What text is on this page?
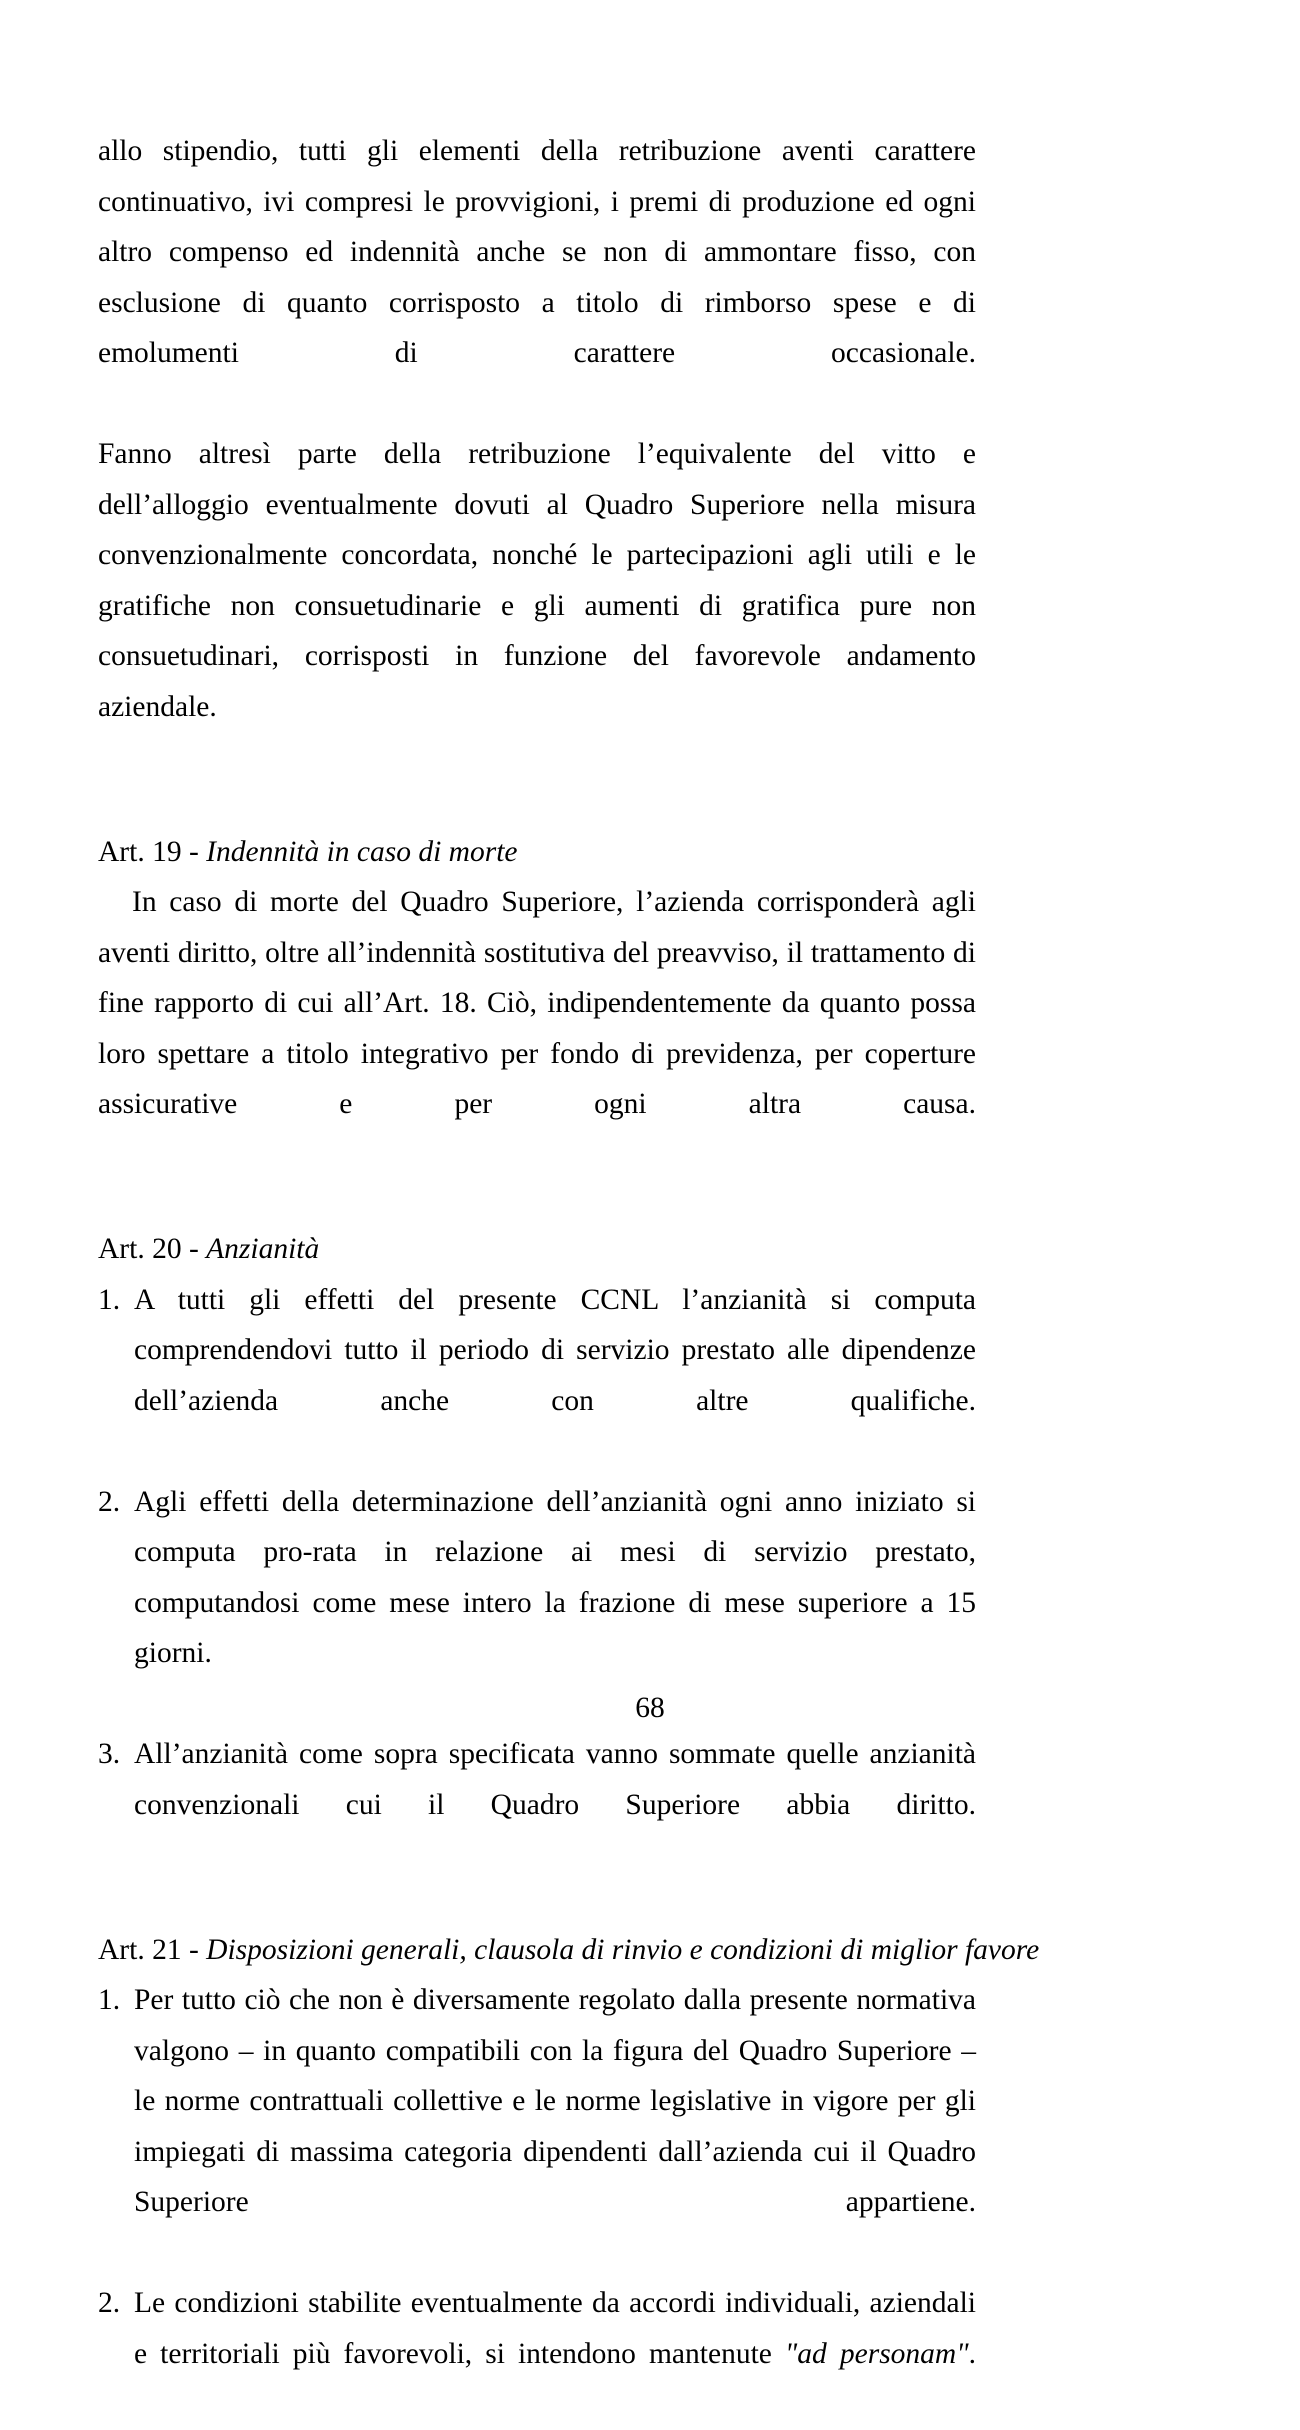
allo stipendio, tutti gli elementi della retribuzione aventi carattere continuativo, ivi compresi le provvigioni, i premi di produzione ed ogni altro compenso ed indennità anche se non di ammontare fisso, con esclusione di quanto corrisposto a titolo di rimborso spese e di emolumenti di carattere occasionale.

Fanno altresì parte della retribuzione l’equivalente del vitto e dell’alloggio eventualmente dovuti al Quadro Superiore nella misura convenzionalmente concordata, nonché le partecipazioni agli utili e le gratifiche non consuetudinarie e gli aumenti di gratifica pure non consuetudinari, corrisposti in funzione del favorevole andamento aziendale.

Art. 19 - Indennità in caso di morte

In caso di morte del Quadro Superiore, l’azienda corrisponderà agli aventi diritto, oltre all’indennità sostitutiva del preavviso, il trattamento di fine rapporto di cui all’Art. 18. Ciò, indipendentemente da quanto possa loro spettare a titolo integrativo per fondo di previdenza, per coperture assicurative e per ogni altra causa.

Art. 20 - Anzianità
1. A tutti gli effetti del presente CCNL l’anzianità si computa comprendendovi tutto il periodo di servizio prestato alle dipendenze dell’azienda anche con altre qualifiche.
2. Agli effetti della determinazione dell’anzianità ogni anno iniziato si computa pro-rata in relazione ai mesi di servizio prestato, computandosi come mese intero la frazione di mese superiore a 15 giorni.
3. All’anzianità come sopra specificata vanno sommate quelle anzianità convenzionali cui il Quadro Superiore abbia diritto.
Art. 21 - Disposizioni generali, clausola di rinvio e condizioni di miglior favore
1. Per tutto ciò che non è diversamente regolato dalla presente normativa valgono – in quanto compatibili con la figura del Quadro Superiore – le norme contrattuali collettive e le norme legislative in vigore per gli impiegati di massima categoria dipendenti dall’azienda cui il Quadro Superiore appartiene.
2. Le condizioni stabilite eventualmente da accordi individuali, aziendali e territoriali più favorevoli, si intendono mantenute "ad personam".
68
